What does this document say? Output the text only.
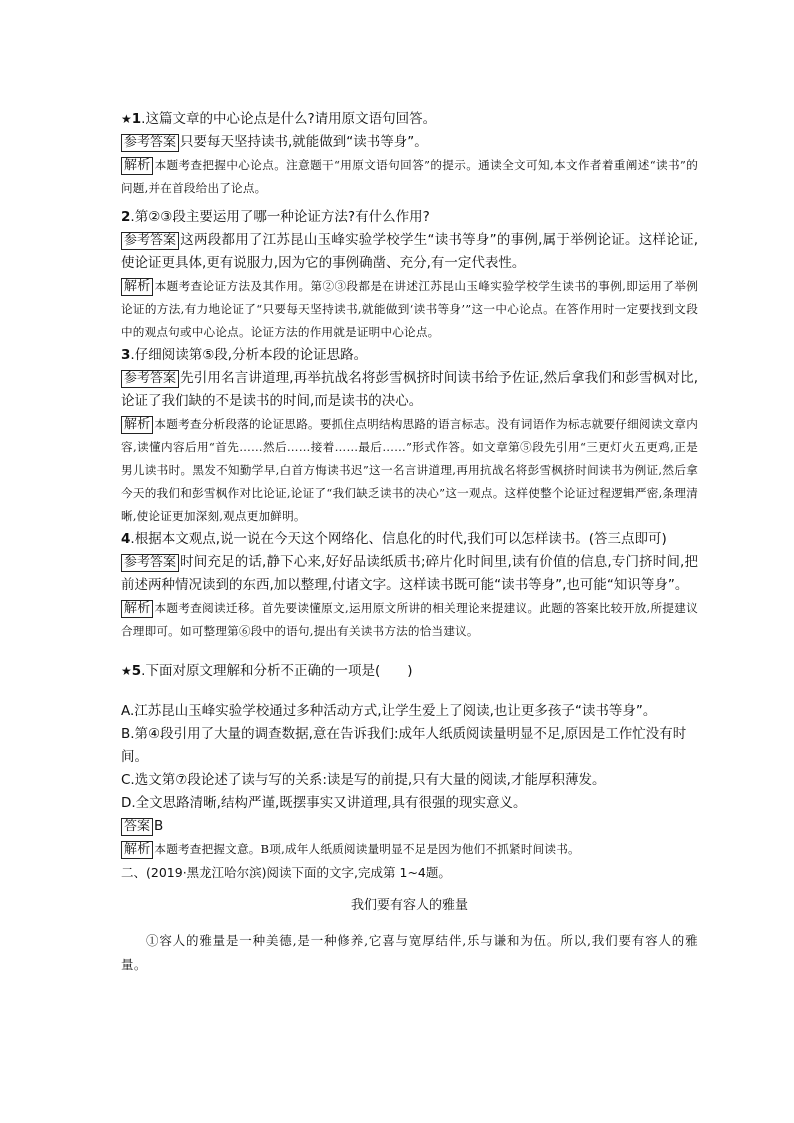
★1.这篇文章的中心论点是什么?请用原文语句回答。

参考答案 只要每天坚持读书,就能做到“读书等身”。

解析 本题考查把握中心论点。注意题干“用原文语句回答”的提示。通读全文可知,本文作者着重阐述“读书”的问题,并在首段给出了论点。

2.第②③段主要运用了哪一种论证方法?有什么作用?

参考答案 这两段都用了江苏昆山玉峰实验学校学生“读书等身”的事例,属于举例论证。这样论证,使论证更具体,更有说服力,因为它的事例确凿、充分,有一定代表性。

解析 本题考查论证方法及其作用。第②③段都是在讲述江苏昆山玉峰实验学校学生读书的事例,即运用了举例论证的方法,有力地论证了“只要每天坚持读书,就能做到‘读书等身’”这一中心论点。在答作用时一定要找到文段中的观点句或中心论点。论证方法的作用就是证明中心论点。

3.仔细阅读第⑤段,分析本段的论证思路。

参考答案 先引用名言讲道理,再举抗战名将彭雪枫挤时间读书给予佐证,然后拿我们和彭雪枫对比,论证了我们缺的不是读书的时间,而是读书的决心。

解析 本题考查分析段落的论证思路。要抓住点明结构思路的语言标志。没有词语作为标志就要仔细阅读文章内容,读懂内容后用“首先……然后……接着……最后……”形式作答。如文章第⑤段先引用“三更灯火五更鸡,正是男儿读书时。黑发不知勤学早,白首方悔读书迟”这一名言讲道理,再用抗战名将彭雪枫挤时间读书为例证,然后拿今天的我们和彭雪枫作对比论证,论证了“我们缺乏读书的决心”这一观点。这样使整个论证过程逻辑严密,条理清晰,使论证更加深刻,观点更加鲜明。

4.根据本文观点,说一说在今天这个网络化、信息化的时代,我们可以怎样读书。(答三点即可)

参考答案 时间充足的话,静下心来,好好品读纸质书;碎片化时间里,读有价值的信息,专门挤时间,把前述两种情况读到的东西,加以整理,付诸文字。这样读书既可能“读书等身”,也可能“知识等身”。

解析 本题考查阅读迁移。首先要读懂原文,运用原文所讲的相关理论来提建议。此题的答案比较开放,所提建议合理即可。如可整理第⑥段中的语句,提出有关读书方法的恰当建议。

★5.下面对原文理解和分析不正确的一项是(　　)

A.江苏昆山玉峰实验学校通过多种活动方式,让学生爱上了阅读,也让更多孩子“读书等身”。

B.第④段引用了大量的调查数据,意在告诉我们:成年人纸质阅读量明显不足,原因是工作忙没有时间。

C.选文第⑦段论述了读与写的关系:读是写的前提,只有大量的阅读,才能厚积薄发。

D.全文思路清晰,结构严谨,既摆事实又讲道理,具有很强的现实意义。

答案 B

解析 本题考查把握文意。B项,成年人纸质阅读量明显不足是因为他们不抓紧时间读书。

二、(2019·黑龙江哈尔滨)阅读下面的文字,完成第 1~4题。

我们要有容人的雅量

①容人的雅量是一种美德,是一种修养,它喜与宽厚结伴,乐与谦和为伍。所以,我们要有容人的雅量。
